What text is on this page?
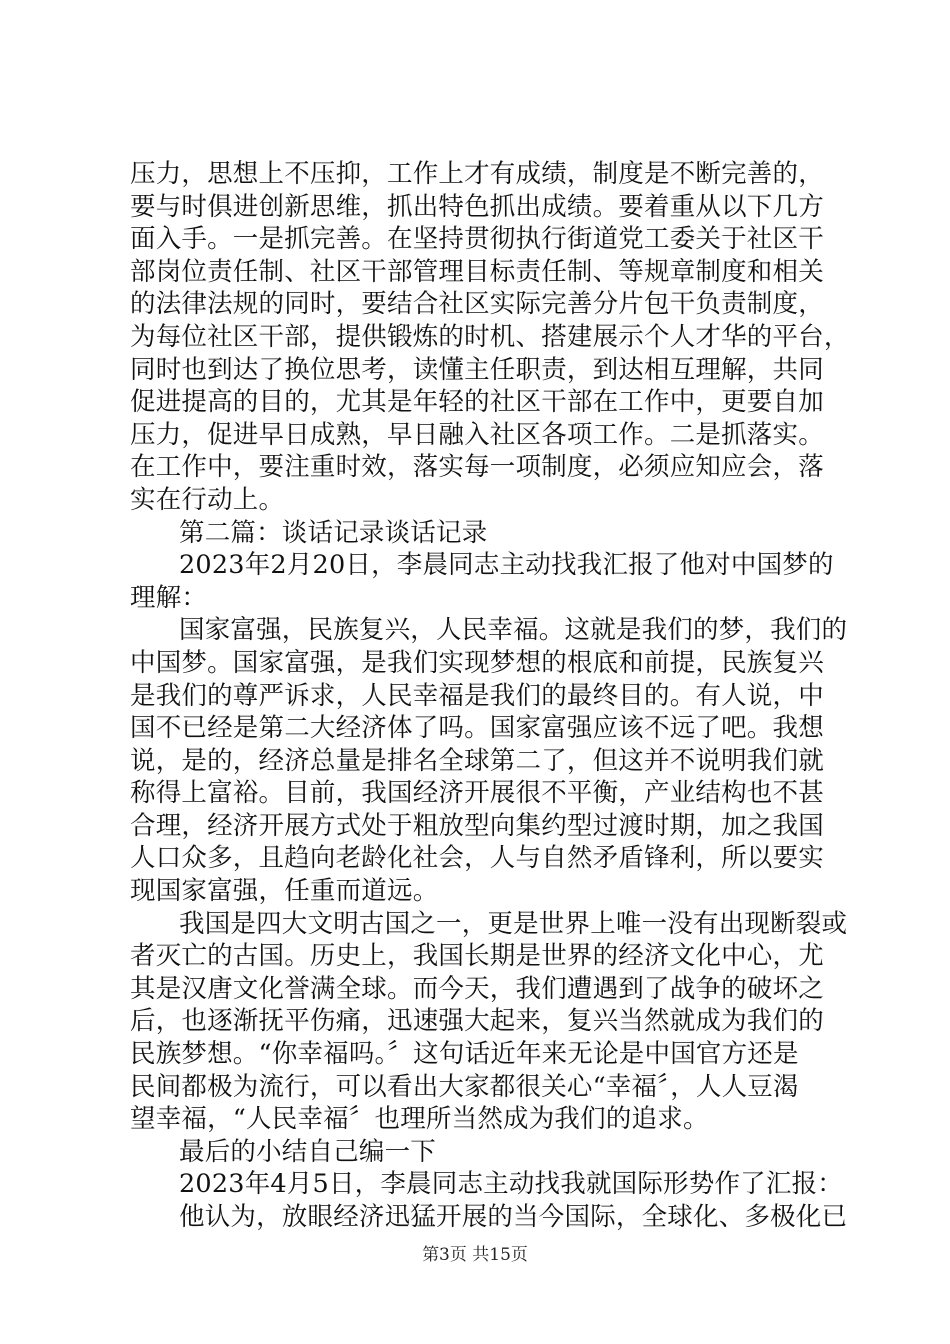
压力，思想上不压抑，工作上才有成绩，制度是不断完善的，
要与时俱进创新思维，抓出特色抓出成绩。要着重从以下几方
面入手。一是抓完善。在坚持贯彻执行街道党工委关于社区干
部岗位责任制、社区干部管理目标责任制、等规章制度和相关
的法律法规的同时，要结合社区实际完善分片包干负责制度，
为每位社区干部，提供锻炼的时机、搭建展示个人才华的平台，
同时也到达了换位思考，读懂主任职责，到达相互理解，共同
促进提高的目的，尤其是年轻的社区干部在工作中，更要自加
压力，促进早日成熟，早日融入社区各项工作。二是抓落实。
在工作中，要注重时效，落实每一项制度，必须应知应会，落
实在行动上。
第二篇：谈话记录谈话记录
2023年2月20日，李晨同志主动找我汇报了他对中国梦的
理解：
国家富强，民族复兴，人民幸福。这就是我们的梦，我们的
中国梦。国家富强，是我们实现梦想的根底和前提，民族复兴
是我们的尊严诉求，人民幸福是我们的最终目的。有人说，中
国不已经是第二大经济体了吗。国家富强应该不远了吧。我想
说，是的，经济总量是排名全球第二了，但这并不说明我们就
称得上富裕。目前，我国经济开展很不平衡，产业结构也不甚
合理，经济开展方式处于粗放型向集约型过渡时期，加之我国
人口众多，且趋向老龄化社会，人与自然矛盾锋利，所以要实
现国家富强，任重而道远。
我国是四大文明古国之一，更是世界上唯一没有出现断裂或
者灭亡的古国。历史上，我国长期是世界的经济文化中心，尤
其是汉唐文化誉满全球。而今天，我们遭遇到了战争的破坏之
后，也逐渐抚平伤痛，迅速强大起来，复兴当然就成为我们的
民族梦想。“你幸福吗。〞这句话近年来无论是中国官方还是
民间都极为流行，可以看出大家都很关心“幸福〞，人人豆渴
望幸福，“人民幸福〞也理所当然成为我们的追求。
最后的小结自己编一下
2023年4月5日，李晨同志主动找我就国际形势作了汇报：
他认为，放眼经济迅猛开展的当今国际，全球化、多极化已
第3页 共15页
